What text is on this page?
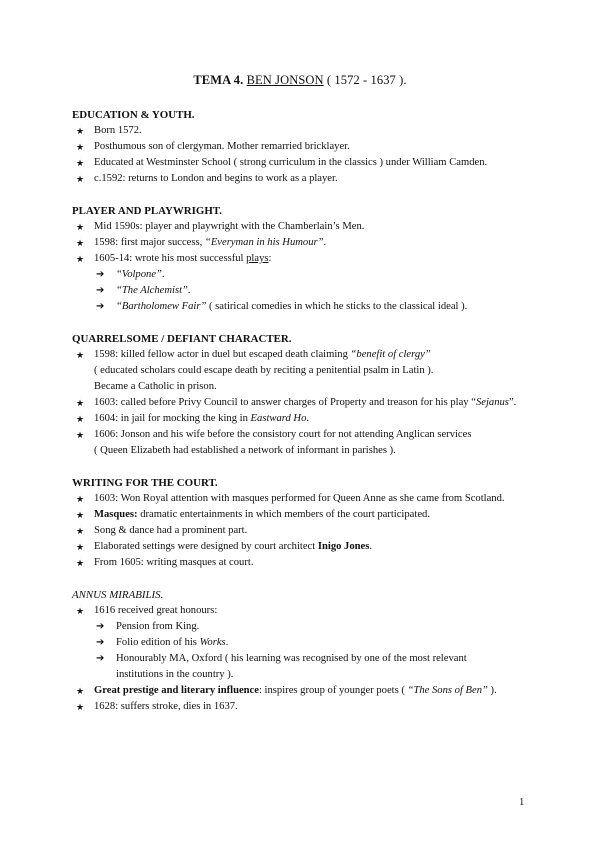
TEMA 4. BEN JONSON ( 1572 - 1637 ).
EDUCATION & YOUTH.
★ Born 1572.
★ Posthumous son of clergyman. Mother remarried bricklayer.
★ Educated at Westminster School ( strong curriculum in the classics ) under William Camden.
★ c.1592: returns to London and begins to work as a player.
PLAYER AND PLAYWRIGHT.
★ Mid 1590s: player and playwright with the Chamberlain’s Men.
★ 1598: first major success, “Everyman in his Humour”.
★ 1605-14: wrote his most successful plays:
➔ “Volpone”.
➔ “The Alchemist”.
➔ “Bartholomew Fair” ( satirical comedies in which he sticks to the classical ideal ).
QUARRELSOME / DEFIANT CHARACTER.
★ 1598: killed fellow actor in duel but escaped death claiming “benefit of clergy”
( educated scholars could escape death by reciting a penitential psalm in Latin ).
Became a Catholic in prison.
★ 1603: called before Privy Council to answer charges of Property and treason for his play “Sejanus”.
★ 1604: in jail for mocking the king in Eastward Ho.
★ 1606: Jonson and his wife before the consistory court for not attending Anglican services
( Queen Elizabeth had established a network of informant in parishes ).
WRITING FOR THE COURT.
★ 1603: Won Royal attention with masques performed for Queen Anne as she came from Scotland.
★ Masques: dramatic entertainments in which members of the court participated.
★ Song & dance had a prominent part.
★ Elaborated settings were designed by court architect Inigo Jones.
★ From 1605: writing masques at court.
ANNUS MIRABILIS.
★ 1616 received great honours:
➔ Pension from King.
➔ Folio edition of his Works.
➔ Honourably MA, Oxford ( his learning was recognised by one of the most relevant
institutions in the country ).
★ Great prestige and literary influence: inspires group of younger poets ( “The Sons of Ben” ).
★ 1628: suffers stroke, dies in 1637.
1
